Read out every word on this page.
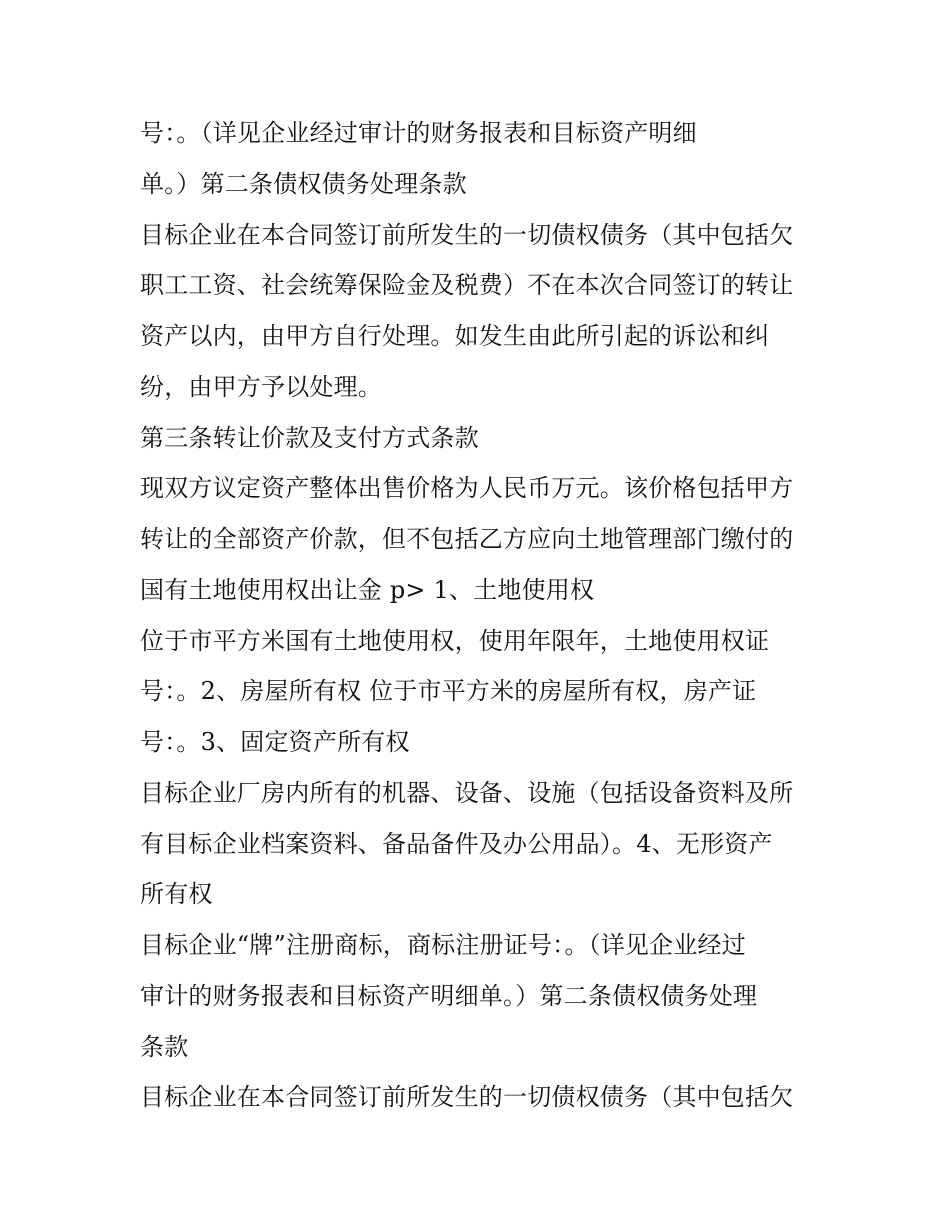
号：。（详见企业经过审计的财务报表和目标资产明细
单。）第二条债权债务处理条款
目标企业在本合同签订前所发生的一切债权债务（其中包括欠
职工工资、社会统筹保险金及税费）不在本次合同签订的转让
资产以内，由甲方自行处理。如发生由此所引起的诉讼和纠
纷，由甲方予以处理。
第三条转让价款及支付方式条款
现双方议定资产整体出售价格为人民币万元。该价格包括甲方
转让的全部资产价款，但不包括乙方应向土地管理部门缴付的
国有土地使用权出让金 p> 1、土地使用权
位于市平方米国有土地使用权，使用年限年，土地使用权证
号：。2、房屋所有权 位于市平方米的房屋所有权，房产证
号：。3、固定资产所有权
目标企业厂房内所有的机器、设备、设施（包括设备资料及所
有目标企业档案资料、备品备件及办公用品）。4、无形资产
所有权
目标企业“牌”注册商标，商标注册证号：。（详见企业经过
审计的财务报表和目标资产明细单。）第二条债权债务处理
条款
目标企业在本合同签订前所发生的一切债权债务（其中包括欠
